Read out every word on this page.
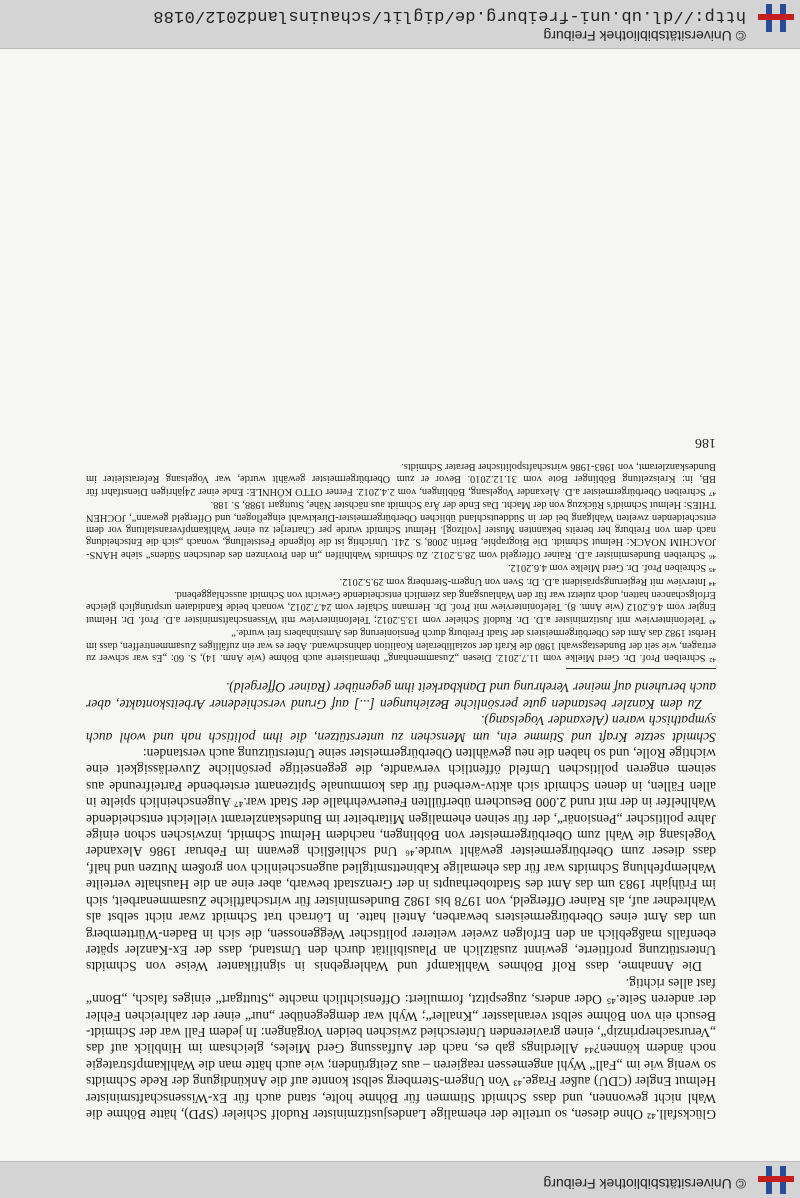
© Universitätsbibliothek Freiburg

Glücksfall.⁴² Ohne diesen, so urteilte der ehemalige Landesjustizminister Rudolf Schieler (SPD), hätte Böhme die Wahl nicht gewonnen, und dass Schmidt Stimmen für Böhme holte, stand auch für Ex-Wissenschaftsminister Helmut Engler (CDU) außer Frage.⁴³ Von Ungern-Sternberg selbst konnte auf die Ankündigung der Rede Schmidts so wenig wie im „Fall“ Wyhl angemessen reagieren – aus Zeitgründen; wie auch hätte man die Wahlkampfstrategie noch ändern können?⁴⁴ Allerdings gab es, nach der Auffassung Gerd Mieles, gleichsam im Hinblick auf das „Verursacherprinzip“, einen gravierenden Unterschied zwischen beiden Vorgängen: In jedem Fall war der Schmidt-Besuch ein von Böhme selbst veranlasster „Knaller“; Wyhl war demgegenüber „nur“ einer der zahlreichen Fehler der anderen Seite.⁴⁵ Oder anders, zugespitzt, formuliert: Offensichtlich machte „Stuttgart“ einiges falsch, „Bonn“ fast alles richtig.

Die Annahme, dass Rolf Böhmes Wahlkampf und Wahlergebnis in signifikanter Weise von Schmidts Unterstützung profitierte, gewinnt zusätzlich an Plausibilität durch den Umstand, dass der Ex-Kanzler später ebenfalls maßgeblich an den Erfolgen zweier weiterer politischer Weggenossen, die sich in Baden-Württemberg um das Amt eines Oberbürgermeisters bewarben, Anteil hatte. In Lörrach trat Schmidt zwar nicht selbst als Wahlredner auf, als Rainer Offergeld, von 1978 bis 1982 Bundesminister für wirtschaftliche Zusammenarbeit, sich im Frühjahr 1983 um das Amt des Stadtoberhaupts in der Grenzstadt bewarb, aber eine an die Haushalte verteilte Wahlempfehlung Schmidts war für das ehemalige Kabinettsmitglied augenscheinlich von großem Nutzen und half, dass dieser zum Oberbürgermeister gewählt wurde.⁴⁶ Und schließlich gewann im Februar 1986 Alexander Vogelsang die Wahl zum Oberbürgermeister von Böblingen, nachdem Helmut Schmidt, inzwischen schon einige Jahre politischer „Pensionär“, der für seinen ehemaligen Mitarbeiter im Bundeskanzleramt vielleicht entscheidende Wahlhelfer in der mit rund 2.000 Besuchern überfüllten Feuerwehrhalle der Stadt war.⁴⁷ Augenscheinlich spielte in allen Fällen, in denen Schmidt sich aktiv-werbend für das kommunale Spitzenamt ersterbende Parteifreunde aus seinem engeren politischen Umfeld öffentlich verwandte, die gegenseitige persönliche Zuverlässigkeit eine wichtige Rolle, und so haben die neu gewählten Oberbürgermeister seine Unterstützung auch verstanden:

Schmidt setzte Kraft und Stimme ein, um Menschen zu unterstützen, die ihm politisch nah und wohl auch sympathisch waren (Alexander Vogelsang).

Zu dem Kanzler bestanden gute persönliche Beziehungen [...] auf Grund verschiedener Arbeitskontakte, aber auch beruhend auf meiner Verehrung und Dankbarkeit ihm gegenüber (Rainer Offergeld).

⁴² Schreiben Prof. Dr. Gerd Mielke vom 11.7.2012. Diesen „Zusammenhang“ thematisierte auch Böhme (wie Anm. 14), S. 60: „Es war schwer zu ertragen, wie seit der Bundestagswahl 1980 die Kraft der sozialliberalen Koalition dahinschwand. Aber es war ein zufälliges Zusammentreffen, dass im Herbst 1982 das Amt des Oberbürgermeisters der Stadt Freiburg durch Pensionierung des Amtsinhabers frei wurde.“

⁴³ Telefoninterview mit Justizminister a.D. Dr. Rudolf Schieler vom 13.5.2012; Telefoninterview mit Wissenschaftsminister a.D. Prof. Dr. Helmut Engler vom 4.6.2012 (wie Anm. 8). Telefoninterview mit Prof. Dr. Hermann Schäfer vom 24.7.2012, wonach beide Kandidaten ursprünglich gleiche Erfolgschancen hatten, doch zuletzt war für den Wahlausgang das ziemlich entscheidende Gewicht von Schmidt ausschlaggebend.

⁴⁴ Interview mit Regierungspräsident a.D. Dr. Sven von Ungern-Sternberg vom 29.5.2012.

⁴⁵ Schreiben Prof. Dr. Gerd Mielke vom 4.6.2012.

⁴⁶ Schreiben Bundesminister a.D. Rainer Offergeld vom 28.5.2012. Zu Schmidts Wahlhilfen „in den Provinzen des deutschen Südens“ siehe HANS-JOACHIM NOACK: Helmut Schmidt. Die Biographie, Berlin 2008, S. 241. Unrichtig ist die folgende Feststellung, wonach „sich die Entscheidung nach dem von Freiburg her bereits bekannten Muster [vollzog]. Helmut Schmidt wurde per Charterjet zu einer Wahlkampfveranstaltung vor dem entscheidenden zweiten Wahlgang bei der in Süddeutschland üblichen Oberbürgermeister-Direktwahl eingeflogen, und Offergeld gewann“, JOCHEN THIES: Helmut Schmidt's Rückzug von der Macht. Das Ende der Ära Schmidt aus nächster Nähe, Stuttgart 1988, S. 188.

⁴⁷ Schreiben Oberbürgermeister a.D. Alexander Vogelsang, Böblingen, vom 2.4.2012. Ferner OTTO KÖHNLE: Ende einer 24jährigen Dienstfahrt für BB, in: Kreiszeitung Böblinger Bote vom 31.12.2010. Bevor er zum Oberbürgermeister gewählt wurde, war Vogelsang Referatsleiter im Bundeskanzleramt, von 1983-1986 wirtschaftspolitischer Berater Schmidts.

186
© Universitätsbibliothek Freiburg
http://dl.ub.uni-freiburg.de/diglit/schauinsland2012/0188
